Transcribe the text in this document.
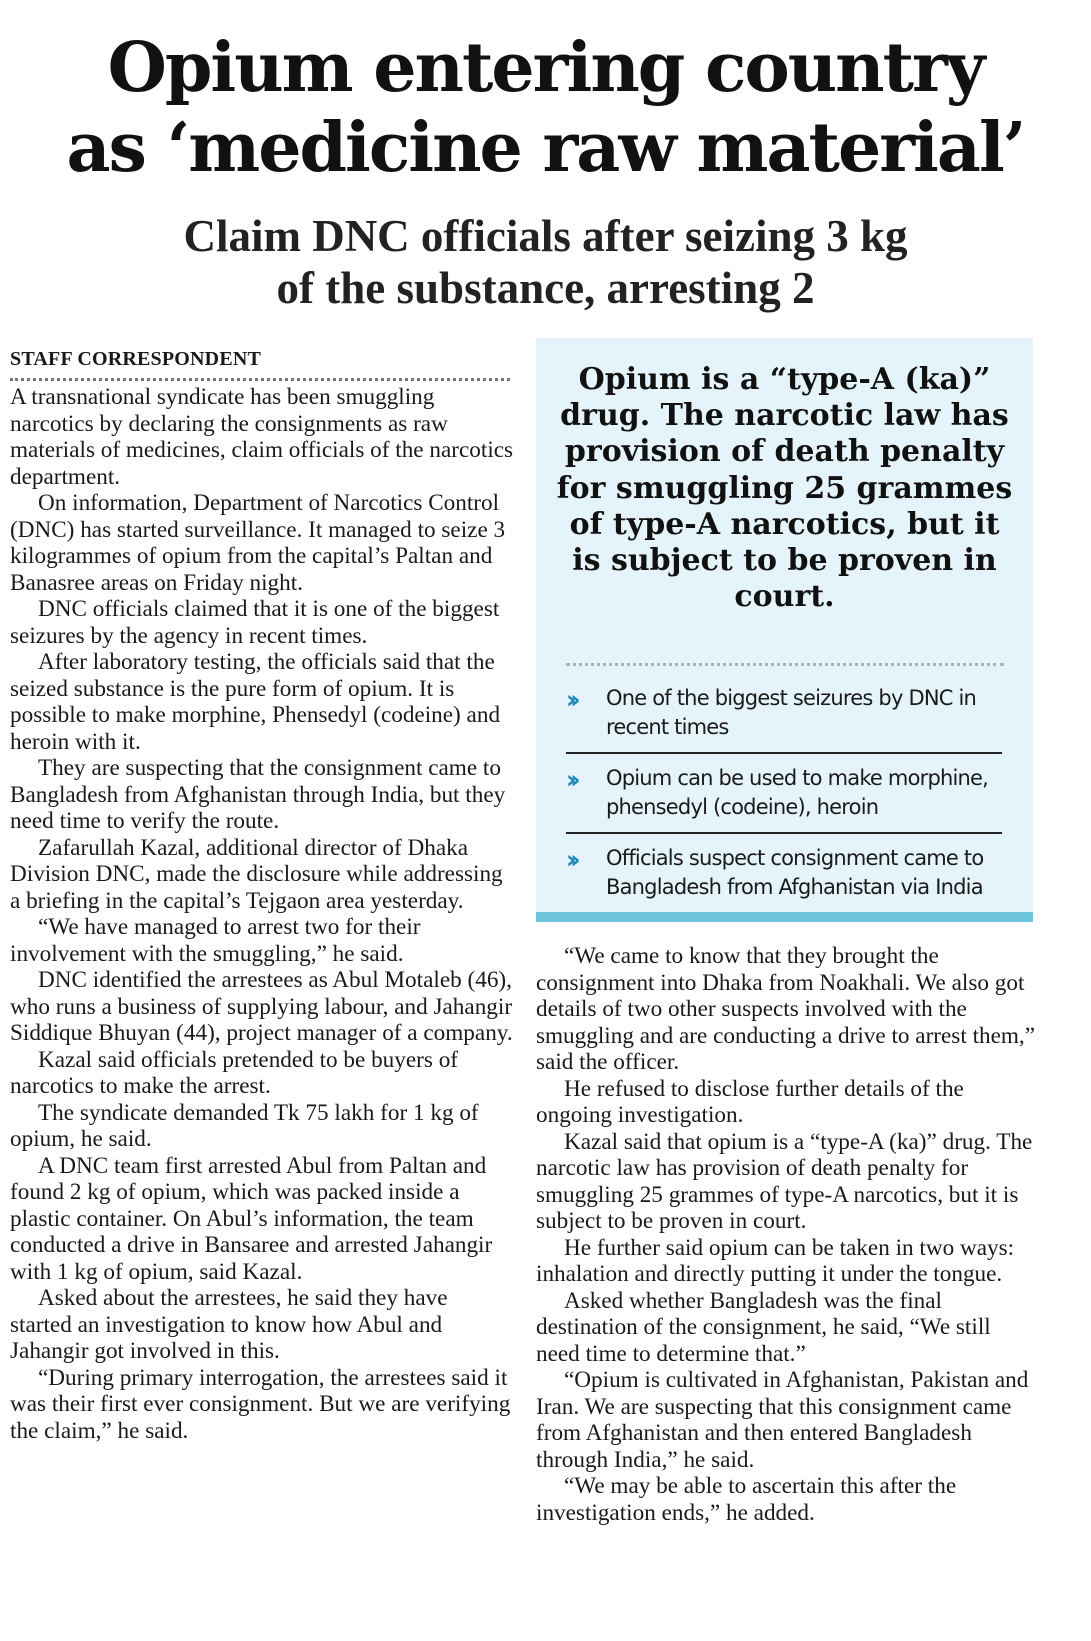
Opium entering country
as ‘medicine raw material’
Claim DNC officials after seizing 3 kg
of the substance, arresting 2
STAFF CORRESPONDENT

A transnational syndicate has been smuggling narcotics by declaring the consignments as raw materials of medicines, claim officials of the narcotics department.

On information, Department of Narcotics Control (DNC) has started surveillance. It managed to seize 3 kilogrammes of opium from the capital’s Paltan and Banasree areas on Friday night.

DNC officials claimed that it is one of the biggest seizures by the agency in recent times.

After laboratory testing, the officials said that the seized substance is the pure form of opium. It is possible to make morphine, Phensedyl (codeine) and heroin with it.

They are suspecting that the consignment came to Bangladesh from Afghanistan through India, but they need time to verify the route.

Zafarullah Kazal, additional director of Dhaka Division DNC, made the disclosure while addressing a briefing in the capital’s Tejgaon area yesterday.

“We have managed to arrest two for their involvement with the smuggling,” he said.

DNC identified the arrestees as Abul Motaleb (46), who runs a business of supplying labour, and Jahangir Siddique Bhuyan (44), project manager of a company.

Kazal said officials pretended to be buyers of narcotics to make the arrest.

The syndicate demanded Tk 75 lakh for 1 kg of opium, he said.

A DNC team first arrested Abul from Paltan and found 2 kg of opium, which was packed inside a plastic container. On Abul’s information, the team conducted a drive in Bansaree and arrested Jahangir with 1 kg of opium, said Kazal.

Asked about the arrestees, he said they have started an investigation to know how Abul and Jahangir got involved in this.

“During primary interrogation, the arrestees said it was their first ever consignment. But we are verifying the claim,” he said.

Opium is a “type-A (ka)” drug. The narcotic law has provision of death penalty for smuggling 25 grammes of type-A narcotics, but it is subject to be proven in court.

›› One of the biggest seizures by DNC in recent times
›› Opium can be used to make morphine, phensedyl (codeine), heroin
›› Officials suspect consignment came to Bangladesh from Afghanistan via India

“We came to know that they brought the consignment into Dhaka from Noakhali. We also got details of two other suspects involved with the smuggling and are conducting a drive to arrest them,” said the officer.

He refused to disclose further details of the ongoing investigation.

Kazal said that opium is a “type-A (ka)” drug. The narcotic law has provision of death penalty for smuggling 25 grammes of type-A narcotics, but it is subject to be proven in court.

He further said opium can be taken in two ways: inhalation and directly putting it under the tongue.

Asked whether Bangladesh was the final destination of the consignment, he said, “We still need time to determine that.”

“Opium is cultivated in Afghanistan, Pakistan and Iran. We are suspecting that this consignment came from Afghanistan and then entered Bangladesh through India,” he said.

“We may be able to ascertain this after the investigation ends,” he added.
